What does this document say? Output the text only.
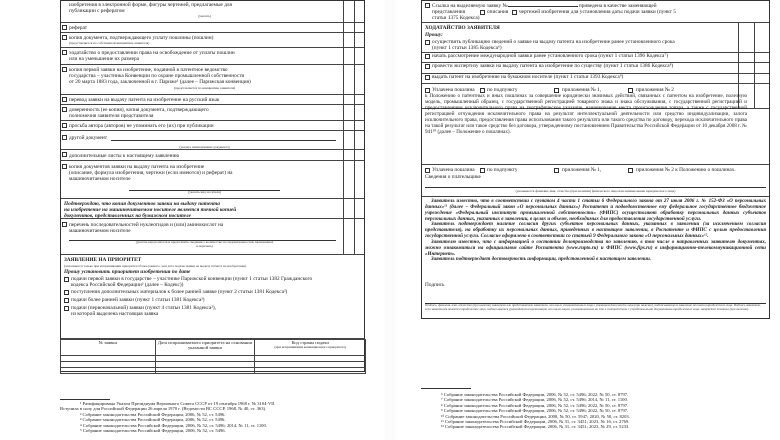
изобретения в электронной форме, фигуры чертежей, предлагаемые для
публикации с рефератом
(указать)
реферат
копия документа, подтверждающего уплату пошлины (пошлин)
(представляется по собственной инициативе заявителя)
ходатайство о предоставлении права на освобождение от уплаты пошлин
или на уменьшение их размера
копия первой заявки на изобретение, поданной в патентное ведомство
государства – участника Конвенции по охране промышленной собственности
от 20 марта 1883 года, заключенной в г. Париже¹ (далее – Парижская конвенция)
(представляется по инициативе заявителя)
перевод заявки на выдачу патента на изобретение на русский язык
доверенность (ее копия), копия документа, подтверждающего
полномочия заявителя представителя
просьба автора (авторов) не упоминать его (их) при публикации
другой документ
(указать наименование документа)
дополнительные листы к настоящему заявлению
копия документов заявки на выдачу патента на изобретение
(описание, формула изобретения, чертежи (если имеются) и реферат) на
машиночитаемом носителе
(указать вид носителя)
Подтверждаю, что копия документов заявки на выдачу патента
на изобретение на машиночитаемом носителе является точной копией
документов, представленных на бумажном носителе
перечень последовательностей нуклеотидов и (или) аминокислот на
машиночитаемом носителе
(указать вид носителя и представить сведения о количестве последовательностей, включенных
в перечень)
ЗАЯВЛЕНИЕ НА ПРИОРИТЕТ
(заполняется только при испрашивании приоритета более раннего, чем дата подачи заявки на выдачу патента на изобретение)
Прошу установить приоритет изобретения по дате
подачи первой заявки в государстве – участнике Парижской конвенции (пункт 1 статьи 1382 Гражданского
кодекса Российской Федерации² (далее – Кодекс))
поступления дополнительных материалов к более ранней заявке (пункт 2 статьи 1381 Кодекса²)
подачи более ранней заявки (пункт 1 статьи 1381 Кодекса²)
подачи (первоначальной) заявки (пункт 4 статьи 1381 Кодекса²),
из которой выделена настоящая заявка
№ заявки	Дата испрашиваемого приоритета на основании указанной заявки	Код страны подачи
(при испрашивании конвенционного приоритета)

¹ Ратифицирована Указом Президиума Верховного Совета СССР от 19 сентября 1968 г. № 3104-VII.
Вступила в силу для Российской Федерации 26 апреля 1970 г. (Ведомости ВС СССР, 1968, № 40, ст. 363).
² Собрание законодательства Российской Федерации, 2006, № 52, ст. 5496.
³ Собрание законодательства Российской Федерации, 2006, № 52, ст. 5496.
⁴ Собрание законодательства Российской Федерации, 2006, № 52, ст. 5496; 2014, № 11, ст. 1100.
⁵ Собрание законодательства Российской Федерации, 2006, № 52, ст. 5496.
Ссылка на выделяемую заявку №	приведена в качестве заменяющей
представления	описания	чертежей изобретения для установления даты подачи заявки (пункт 5
статьи 1375 Кодекса)
ХОДАТАЙСТВО ЗАЯВИТЕЛЯ
Прошу:
осуществить публикацию сведений о заявке на выдачу патента на изобретение ранее установленного срока
(пункт 1 статьи 1385 Кодекса⁶)
начать рассмотрение международной заявки ранее установленного срока (пункт 1 статьи 1396 Кодекса⁷)
провести экспертизу заявки на выдачу патента на изобретение по существу (пункт 1 статьи 1386 Кодекса⁸)
выдать патент на изобретение на бумажном носителе (пункт 1 статьи 1393 Кодекса⁹)
Уплачена пошлина	по подпункту	приложения № 1,	приложения № 2
к Положению о патентных и иных пошлинах за совершение юридически значимых действий, связанных с патентом на изобретение, полезную модель, промышленный образец, с государственной регистрацией товарного знака и знака обслуживания, с государственной регистрацией и предоставлением исключительного права на географическое указание, наименование места происхождения товара, а также с государственной регистрацией отчуждения исключительного права на результат интеллектуальной деятельности или средство индивидуализации, залога исключительного права, предоставления права использования такого результата или такого средства по договору, перехода исключительного права на такой результат или такое средство без договора, утвержденному постановлением Правительства Российской Федерации от 10 декабря 2008 г. № 941¹⁰ (далее – Положение о пошлинах).
Уплачена пошлина	по подпункту	приложения № 1,	приложения № 2 к Положению о пошлинах.
Сведения о плательщике
(указывается фамилия, имя, отчество (при наличии) физического лица или наименование юридического лица)
Заявитель известно, что в соответствии с пунктом 4 части 1 статьи 6 Федерального закона от 27 июля 2006 г. № 152-ФЗ «О персональных данных»¹¹ (далее – Федеральный закон «О персональных данных») Роспатент и подведомственное ему федеральное государственное бюджетное учреждение «Федеральный институт промышленной собственности» (ФИПС) осуществляют обработку персональных данных субъектов персональных данных, указанных в заявлении, в целях и объеме, необходимых для предоставления государственной услуги.
Заявитель подтверждает наличие согласия других субъектов персональных данных, указанных в заявлении (за исключением согласия представителя), на обработку их персональных данных, приведенных в настоящем заявлении, в Роспатенте и ФИПС с целью предоставления государственной услуги. Согласие оформлено в соответствии со статьей 9 Федерального закона «О персональных данных»¹².
Заявителю известно, что с информацией о состоянии делопроизводства по заявлению, в том числе о направленных заявителю документах, можно ознакомиться на официальном сайте Роспатента (www.rupto.ru) и ФИПС (www.fips.ru) в информационно-телекоммуникационной сети «Интернет».
Заявитель подтверждает достоверность информации, представленной в настоящем заявлении.
Подпись
Подпись, фамилия, имя, отчество (при наличии) заявителя или представителя заявителя, или иного уполномоченного лица с указанием должности лица (при наличии), подписывающего заявление от имени юридического лица. Подпись заявителя, если заявителем является юридическое лицо, подписывается руководителем организации или иным лицом, уполномоченным на это в соответствии с учредительными документами юридического лица, заверяется печатью (при наличии).
⁶ Собрание законодательства Российской Федерации, 2006, № 52, ст. 5496; 2022, № 50, ст. 8797.
⁷ Собрание законодательства Российской Федерации, 2006, № 52, ст. 5496; 2014, № 11, ст. 1100.
⁸ Собрание законодательства Российской Федерации, 2006, № 52, ст. 5496; 2022, № 50, ст. 8797.
⁹ Собрание законодательства Российской Федерации, 2006, № 52, ст. 5496; 2022, № 50, ст. 8797.
¹⁰ Собрание законодательства Российской Федерации, 2008, № 50, ст. 5947; 2020, № 50, ст. 8203.
¹¹ Собрание законодательства Российской Федерации, 2006, № 31, ст. 3451; 2023, № 16, ст. 2769.
¹² Собрание законодательства Российской Федерации, 2006, № 31, ст. 3451; 2023, № 29, ст. 5233.
